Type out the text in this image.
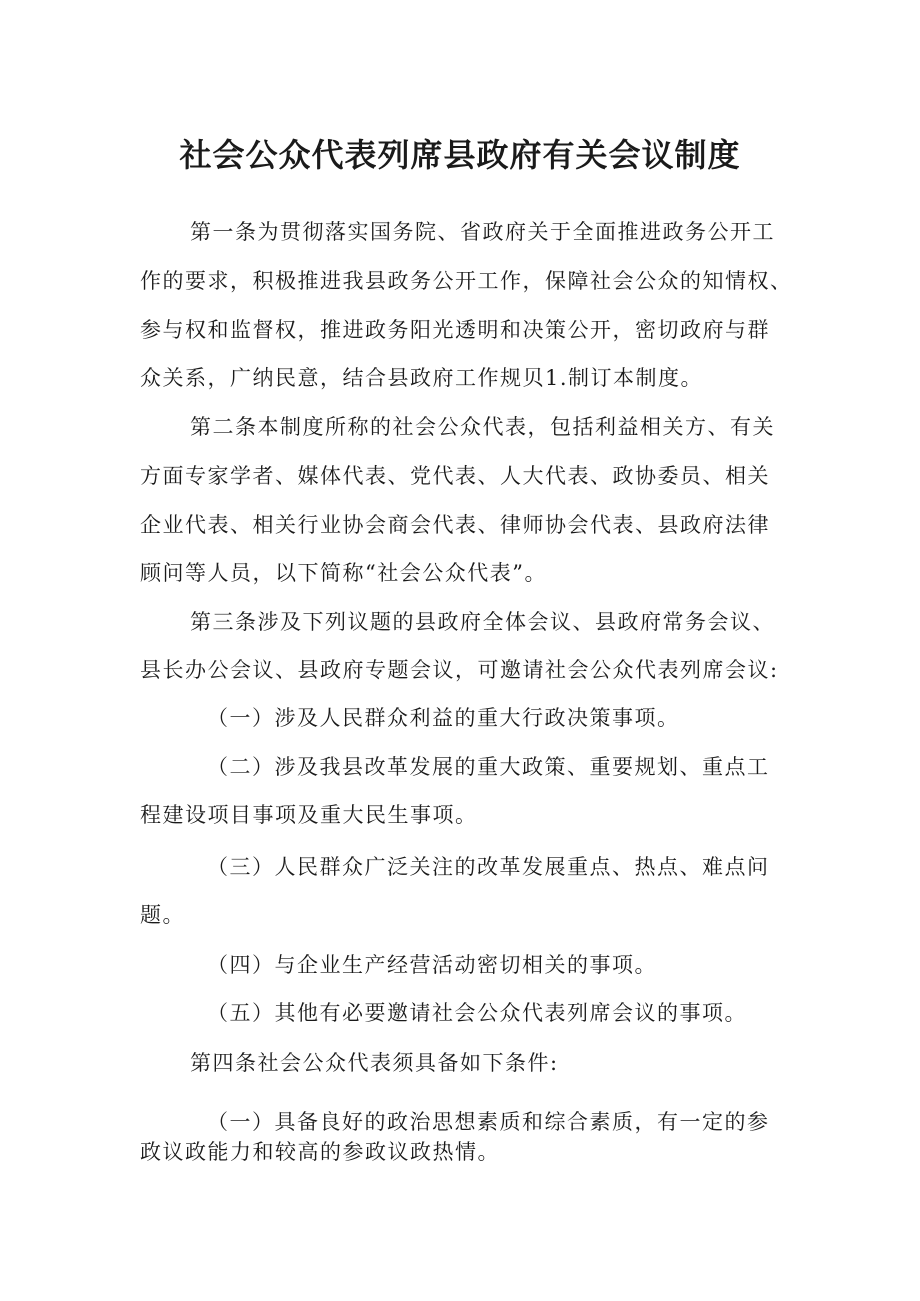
社会公众代表列席县政府有关会议制度

第一条为贯彻落实国务院、省政府关于全面推进政务公开工

作的要求，积极推进我县政务公开工作，保障社会公众的知情权、

参与权和监督权，推进政务阳光透明和决策公开，密切政府与群

众关系，广纳民意，结合县政府工作规贝1.制订本制度。

第二条本制度所称的社会公众代表，包括利益相关方、有关

方面专家学者、媒体代表、党代表、人大代表、政协委员、相关

企业代表、相关行业协会商会代表、律师协会代表、县政府法律

顾问等人员，以下简称“社会公众代表”。

第三条涉及下列议题的县政府全体会议、县政府常务会议、

县长办公会议、县政府专题会议，可邀请社会公众代表列席会议:

（一）涉及人民群众利益的重大行政决策事项。

（二）涉及我县改革发展的重大政策、重要规划、重点工

程建设项目事项及重大民生事项。

（三）人民群众广泛关注的改革发展重点、热点、难点问

题。

（四）与企业生产经营活动密切相关的事项。

（五）其他有必要邀请社会公众代表列席会议的事项。

第四条社会公众代表须具备如下条件:

（一）具备良好的政治思想素质和综合素质，有一定的参

政议政能力和较高的参政议政热情。
